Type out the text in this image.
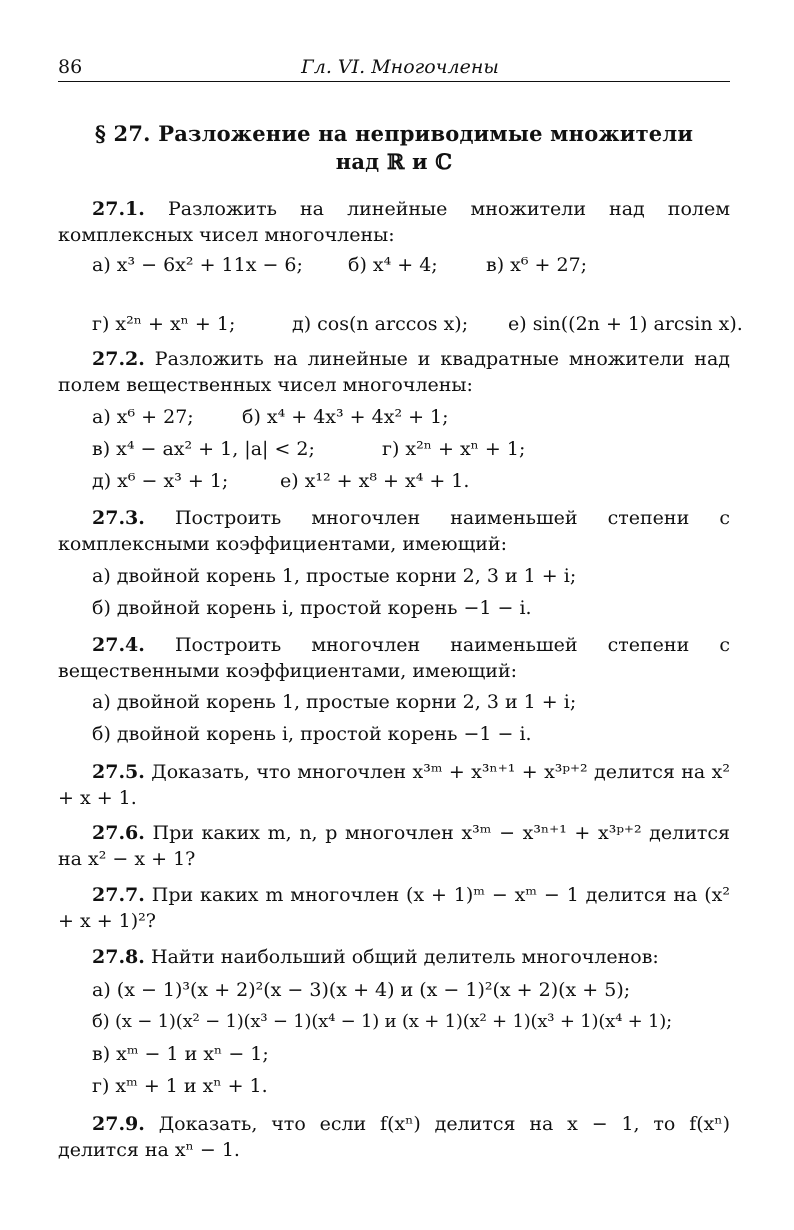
86	Гл. VI. Многочлены
§ 27. Разложение на неприводимые множители
над ℝ и ℂ
27.1. Разложить на линейные множители над полем комплексных чисел многочлены:
а) x³ − 6x² + 11x − 6; б) x⁴ + 4;	в) x⁶ + 27;
г) x²ⁿ + xⁿ + 1;	д) cos(n arccos x); е) sin((2n + 1) arcsin x).
27.2. Разложить на линейные и квадратные множители над полем вещественных чисел многочлены:
а) x⁶ + 27;	б) x⁴ + 4x³ + 4x² + 1;
в) x⁴ − ax² + 1, |a| < 2;	г) x²ⁿ + xⁿ + 1;
д) x⁶ − x³ + 1;	е) x¹² + x⁸ + x⁴ + 1.
27.3. Построить многочлен наименьшей степени с комплексными коэффициентами, имеющий:
а) двойной корень 1, простые корни 2, 3 и 1 + i;
б) двойной корень i, простой корень −1 − i.
27.4. Построить многочлен наименьшей степени с вещественными коэффициентами, имеющий:
а) двойной корень 1, простые корни 2, 3 и 1 + i;
б) двойной корень i, простой корень −1 − i.
27.5. Доказать, что многочлен x³ᵐ + x³ⁿ⁺¹ + x³ᵖ⁺² делится на x² + x + 1.
27.6. При каких m, n, p многочлен x³ᵐ − x³ⁿ⁺¹ + x³ᵖ⁺² делится на x² − x + 1?
27.7. При каких m многочлен (x + 1)ᵐ − xᵐ − 1 делится на (x² + x + 1)²?
27.8. Найти наибольший общий делитель многочленов:
а) (x − 1)³(x + 2)²(x − 3)(x + 4) и (x − 1)²(x + 2)(x + 5);
б) (x − 1)(x² − 1)(x³ − 1)(x⁴ − 1) и (x + 1)(x² + 1)(x³ + 1)(x⁴ + 1);
в) xᵐ − 1 и xⁿ − 1;
г) xᵐ + 1 и xⁿ + 1.
27.9. Доказать, что если f(xⁿ) делится на x − 1, то f(xⁿ) делится на xⁿ − 1.
